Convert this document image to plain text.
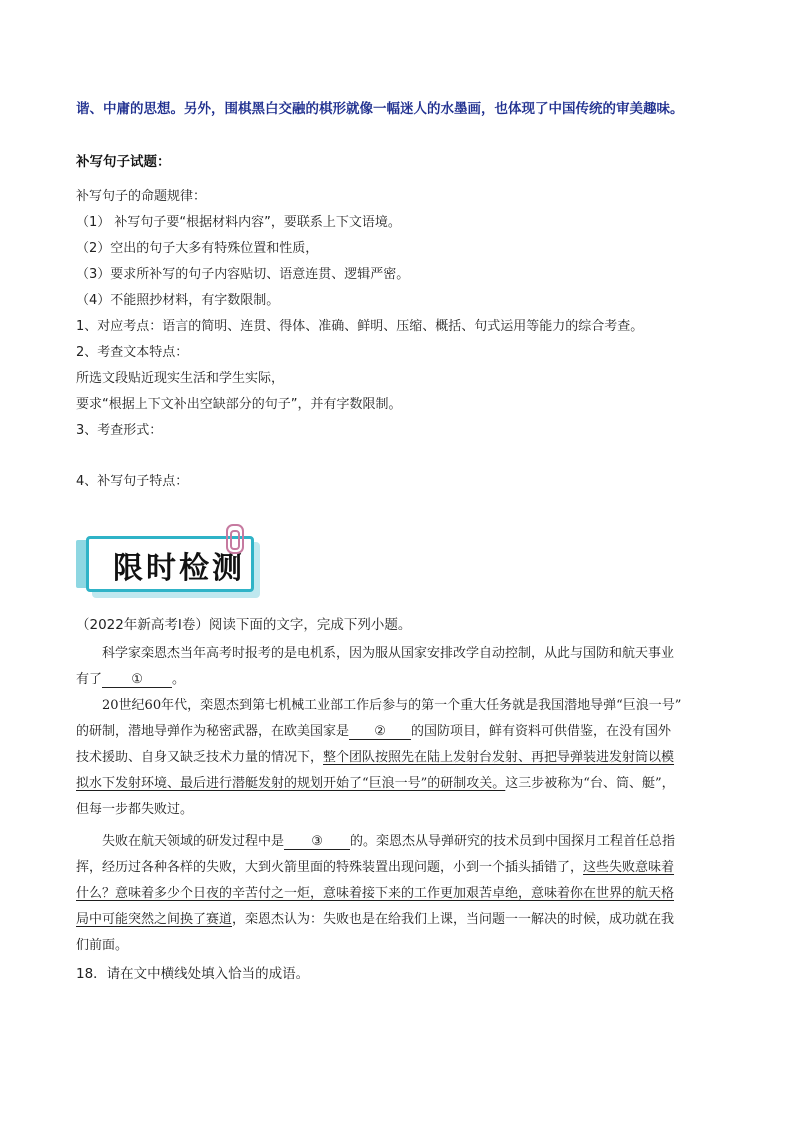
谐、中庸的思想。另外，围棋黑白交融的棋形就像一幅迷人的水墨画，也体现了中国传统的审美趣味。
补写句子试题：
补写句子的命题规律：
（1） 补写句子要“根据材料内容”，要联系上下文语境。
（2）空出的句子大多有特殊位置和性质，
（3）要求所补写的句子内容贴切、语意连贯、逻辑严密。
（4）不能照抄材料，有字数限制。
1、对应考点：语言的简明、连贯、得体、准确、鲜明、压缩、概括、句式运用等能力的综合考查。
2、考查文本特点：
所选文段贴近现实生活和学生实际，
要求“根据上下文补出空缺部分的句子”，并有字数限制。
3、考查形式：
4、补写句子特点：
限时检测
（2022年新高考Ⅰ卷）阅读下面的文字，完成下列小题。
科学家栾恩杰当年高考时报考的是电机系，因为服从国家安排改学自动控制，从此与国防和航天事业
有了 ① 。
20世纪60年代，栾恩杰到第七机械工业部工作后参与的第一个重大任务就是我国潜地导弹“巨浪一号”
的研制，潜地导弹作为秘密武器，在欧美国家是 ② 的国防项目，鲜有资料可供借鉴，在没有国外
技术援助、自身又缺乏技术力量的情况下，整个团队按照先在陆上发射台发射、再把导弹装进发射筒以模
拟水下发射环境、最后进行潜艇发射的规划开始了“巨浪一号”的研制攻关。这三步被称为“台、筒、艇”，
但每一步都失败过。
失败在航天领域的研发过程中是 ③ 的。栾恩杰从导弹研究的技术员到中国探月工程首任总指
挥，经历过各种各样的失败，大到火箭里面的特殊装置出现问题，小到一个插头插错了，这些失败意味着
什么？意味着多少个日夜的辛苦付之一炬，意味着接下来的工作更加艰苦卓绝，意味着你在世界的航天格
局中可能突然之间换了赛道，栾恩杰认为：失败也是在给我们上课，当问题一一解决的时候，成功就在我
们前面。
18．请在文中横线处填入恰当的成语。
